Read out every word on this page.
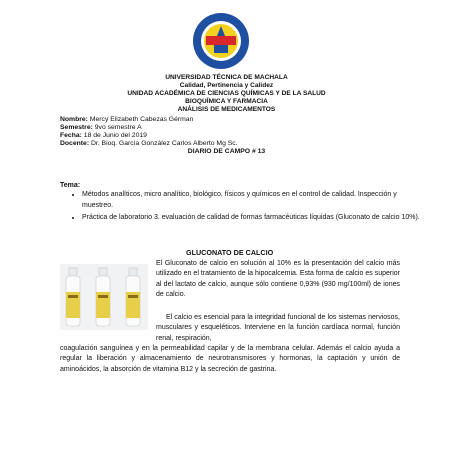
UNIVERSIDAD TÉCNICA DE MACHALA
Calidad, Pertinencia y Calidez
UNIDAD ACADÉMICA DE CIENCIAS QUÍMICAS Y DE LA SALUD
BIOQUÍMICA Y FARMACIA
ANÁLISIS DE MEDICAMENTOS
Nombre: Mercy Elizabeth Cabezas Gérman
Semestre: 9vo semestre A
Fecha: 18 de Junio del 2019
Docente: Dr. Bioq. García González Carlos Alberto Mg Sc.
DIARIO DE CAMPO # 13
Tema:
• Métodos analíticos, micro analítico, biológico, físicos y químicos en el control de calidad. Inspección y muestreo.
• Práctica de laboratorio 3. evaluación de calidad de formas farmacéuticas líquidas (Gluconato de calcio 10%).
GLUCONATO DE CALCIO

El Gluconato de calcio en solución al 10% es la presentación del calcio más utilizado en el tratamiento de la hipocalcemia. Esta forma de calcio es superior al del lactato de calcio, aunque sólo contiene 0,93% (930 mg/100ml) de iones de calcio.

El calcio es esencial para la integridad funcional de los sistemas nerviosos, musculares y esqueléticos. Interviene en la función cardíaca normal, función renal, respiración,

coagulación sanguínea y en la permeabilidad capilar y de la membrana celular. Además el calcio ayuda a regular la liberación y almacenamiento de neurotransmisores y hormonas, la captación y unión de aminoácidos, la absorción de vitamina B12 y la secreción de gastrina.
